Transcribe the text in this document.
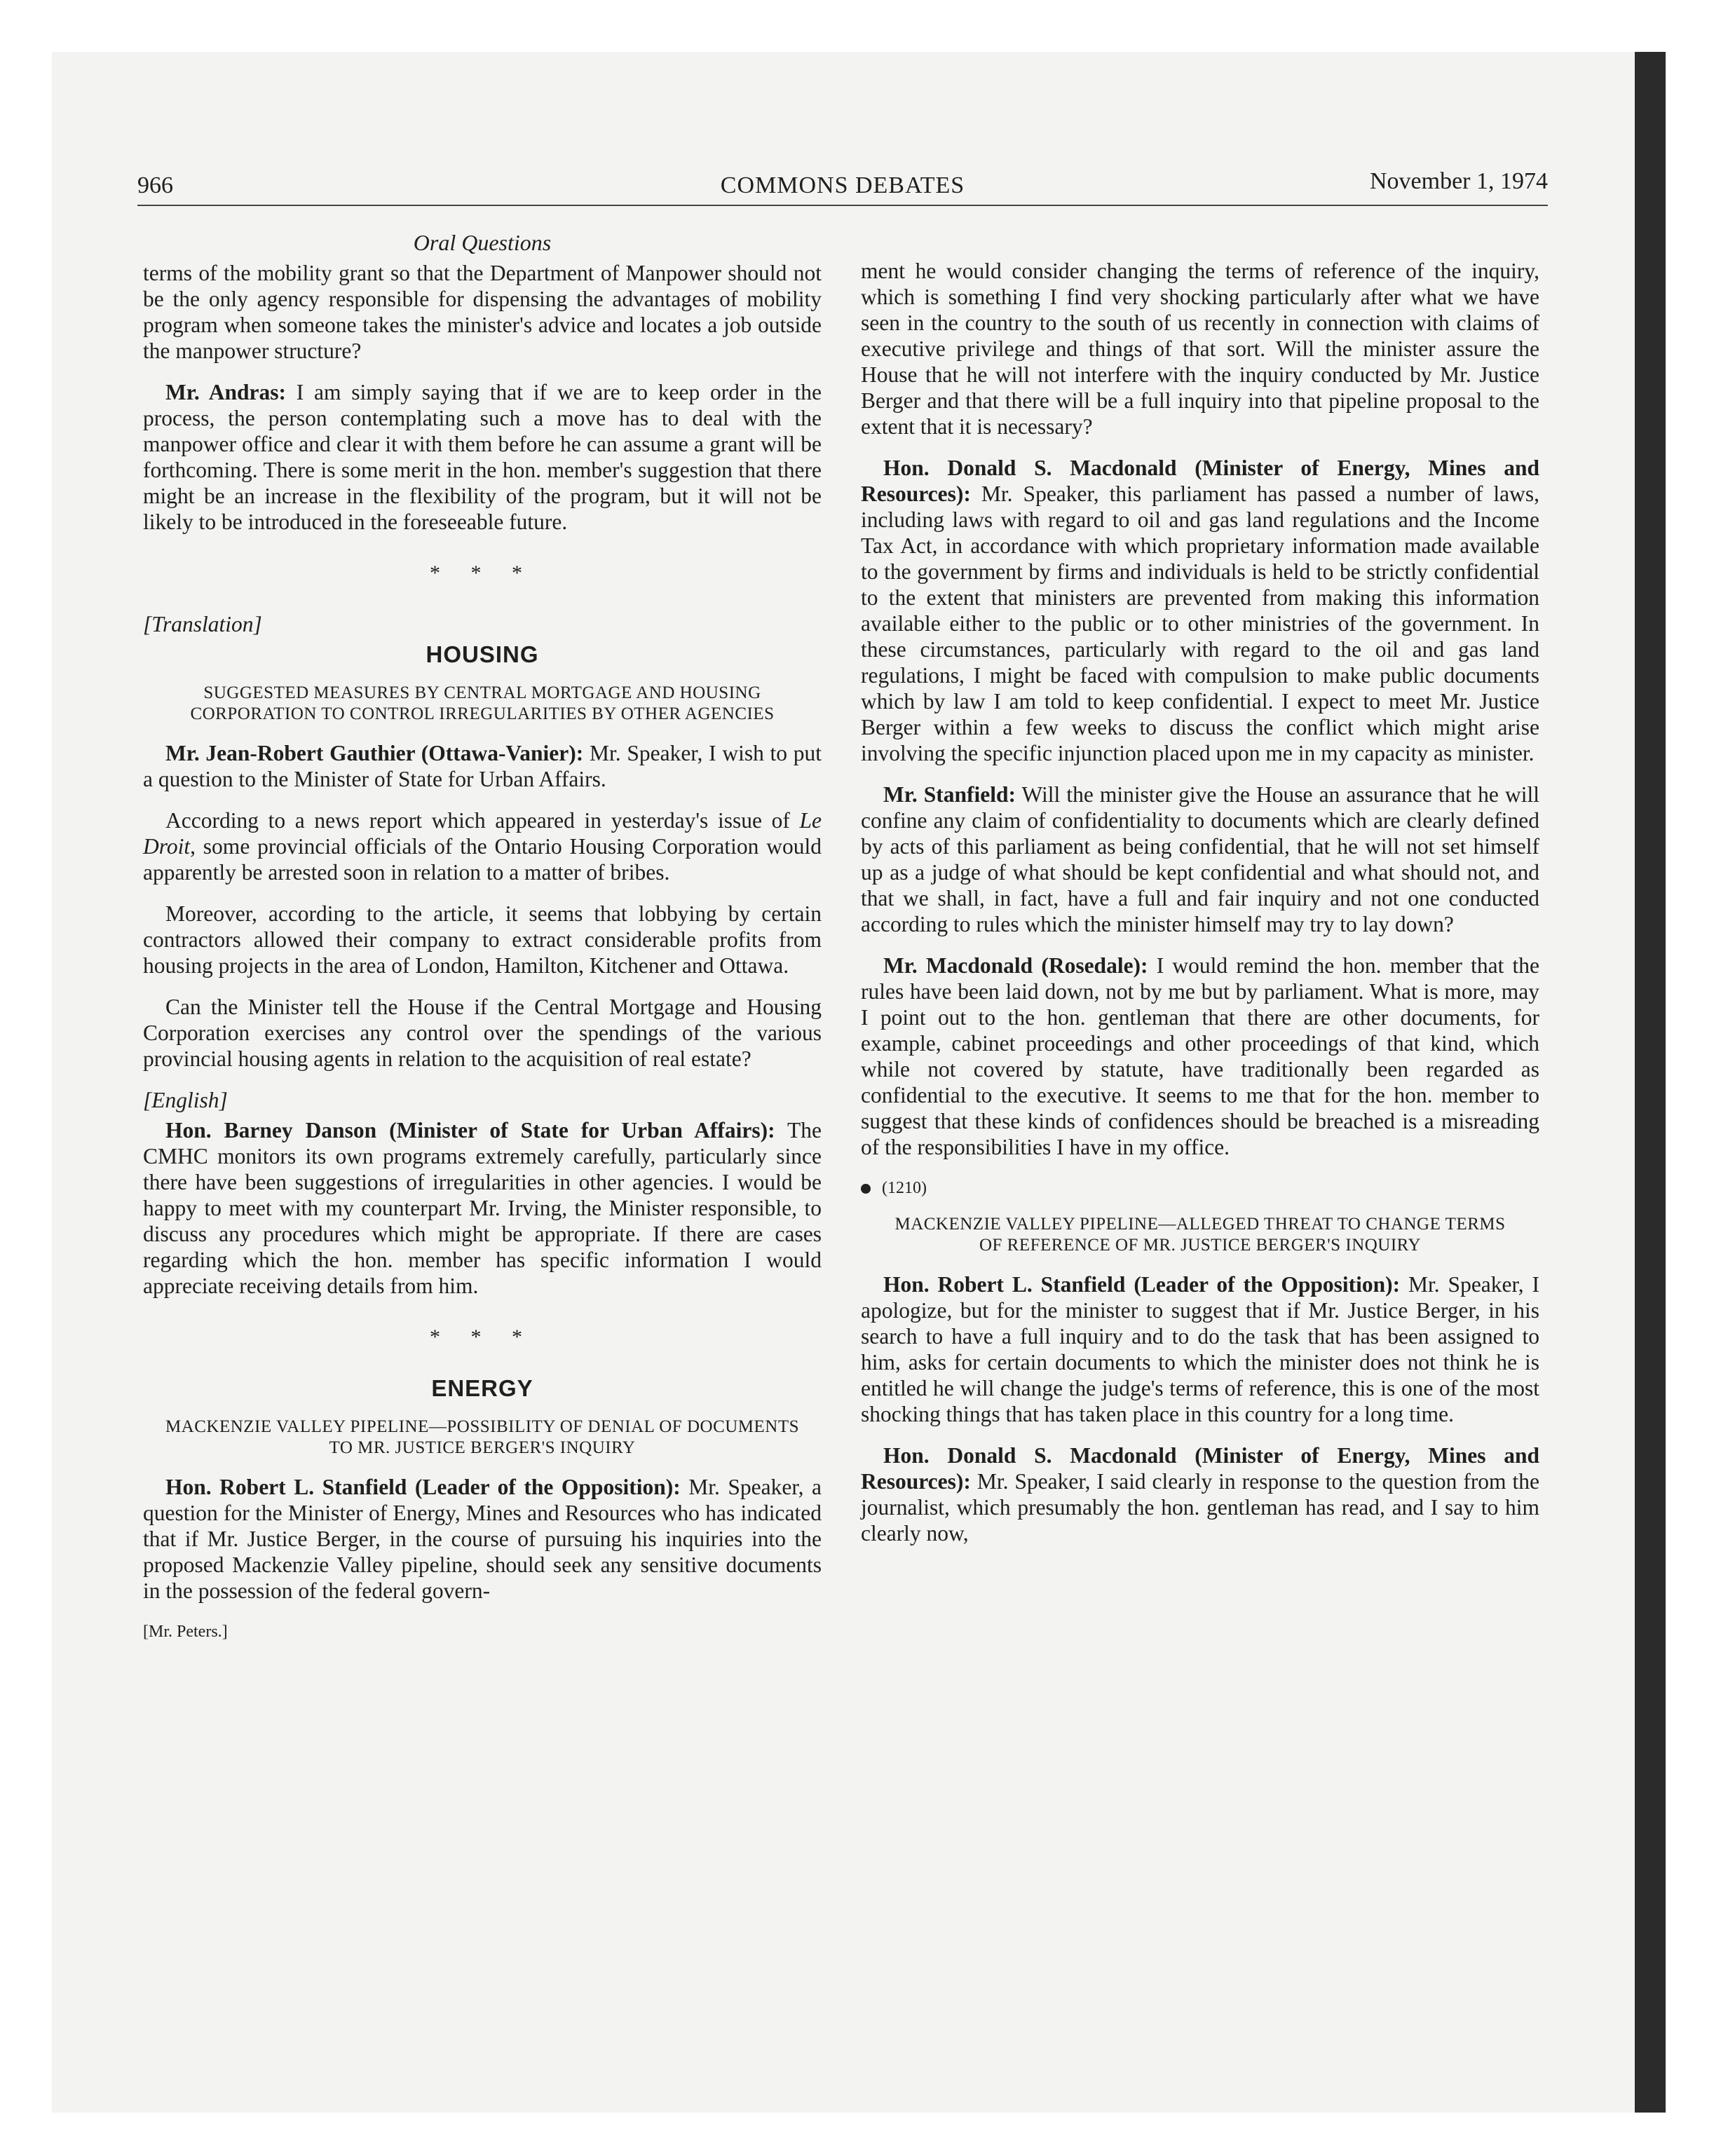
966	COMMONS DEBATES	November 1, 1974
Oral Questions

terms of the mobility grant so that the Department of Manpower should not be the only agency responsible for dispensing the advantages of mobility program when someone takes the minister's advice and locates a job outside the manpower structure?

Mr. Andras: I am simply saying that if we are to keep order in the process, the person contemplating such a move has to deal with the manpower office and clear it with them before he can assume a grant will be forthcoming. There is some merit in the hon. member's suggestion that there might be an increase in the flexibility of the program, but it will not be likely to be introduced in the foreseeable future.

* * *
[Translation]
HOUSING
SUGGESTED MEASURES BY CENTRAL MORTGAGE AND HOUSING CORPORATION TO CONTROL IRREGULARITIES BY OTHER AGENCIES

Mr. Jean-Robert Gauthier (Ottawa-Vanier): Mr. Speaker, I wish to put a question to the Minister of State for Urban Affairs.

According to a news report which appeared in yesterday's issue of Le Droit, some provincial officials of the Ontario Housing Corporation would apparently be arrested soon in relation to a matter of bribes.

Moreover, according to the article, it seems that lobbying by certain contractors allowed their company to extract considerable profits from housing projects in the area of London, Hamilton, Kitchener and Ottawa.

Can the Minister tell the House if the Central Mortgage and Housing Corporation exercises any control over the spendings of the various provincial housing agents in relation to the acquisition of real estate?

[English]

Hon. Barney Danson (Minister of State for Urban Affairs): The CMHC monitors its own programs extremely carefully, particularly since there have been suggestions of irregularities in other agencies. I would be happy to meet with my counterpart Mr. Irving, the Minister responsible, to discuss any procedures which might be appropriate. If there are cases regarding which the hon. member has specific information I would appreciate receiving details from him.

* * *
ENERGY
MACKENZIE VALLEY PIPELINE—POSSIBILITY OF DENIAL OF DOCUMENTS TO MR. JUSTICE BERGER'S INQUIRY

Hon. Robert L. Stanfield (Leader of the Opposition): Mr. Speaker, a question for the Minister of Energy, Mines and Resources who has indicated that if Mr. Justice Berger, in the course of pursuing his inquiries into the proposed Mackenzie Valley pipeline, should seek any sensitive documents in the possession of the federal govern-

[Mr. Peters.]

ment he would consider changing the terms of reference of the inquiry, which is something I find very shocking particularly after what we have seen in the country to the south of us recently in connection with claims of executive privilege and things of that sort. Will the minister assure the House that he will not interfere with the inquiry conducted by Mr. Justice Berger and that there will be a full inquiry into that pipeline proposal to the extent that it is necessary?

Hon. Donald S. Macdonald (Minister of Energy, Mines and Resources): Mr. Speaker, this parliament has passed a number of laws, including laws with regard to oil and gas land regulations and the Income Tax Act, in accordance with which proprietary information made available to the government by firms and individuals is held to be strictly confidential to the extent that ministers are prevented from making this information available either to the public or to other ministries of the government. In these circumstances, particularly with regard to the oil and gas land regulations, I might be faced with compulsion to make public documents which by law I am told to keep confidential. I expect to meet Mr. Justice Berger within a few weeks to discuss the conflict which might arise involving the specific injunction placed upon me in my capacity as minister.

Mr. Stanfield: Will the minister give the House an assurance that he will confine any claim of confidentiality to documents which are clearly defined by acts of this parliament as being confidential, that he will not set himself up as a judge of what should be kept confidential and what should not, and that we shall, in fact, have a full and fair inquiry and not one conducted according to rules which the minister himself may try to lay down?

Mr. Macdonald (Rosedale): I would remind the hon. member that the rules have been laid down, not by me but by parliament. What is more, may I point out to the hon. gentleman that there are other documents, for example, cabinet proceedings and other proceedings of that kind, which while not covered by statute, have traditionally been regarded as confidential to the executive. It seems to me that for the hon. member to suggest that these kinds of confidences should be breached is a misreading of the responsibilities I have in my office.

(1210)
MACKENZIE VALLEY PIPELINE—ALLEGED THREAT TO CHANGE TERMS OF REFERENCE OF MR. JUSTICE BERGER'S INQUIRY

Hon. Robert L. Stanfield (Leader of the Opposition): Mr. Speaker, I apologize, but for the minister to suggest that if Mr. Justice Berger, in his search to have a full inquiry and to do the task that has been assigned to him, asks for certain documents to which the minister does not think he is entitled he will change the judge's terms of reference, this is one of the most shocking things that has taken place in this country for a long time.

Hon. Donald S. Macdonald (Minister of Energy, Mines and Resources): Mr. Speaker, I said clearly in response to the question from the journalist, which presumably the hon. gentleman has read, and I say to him clearly now,
